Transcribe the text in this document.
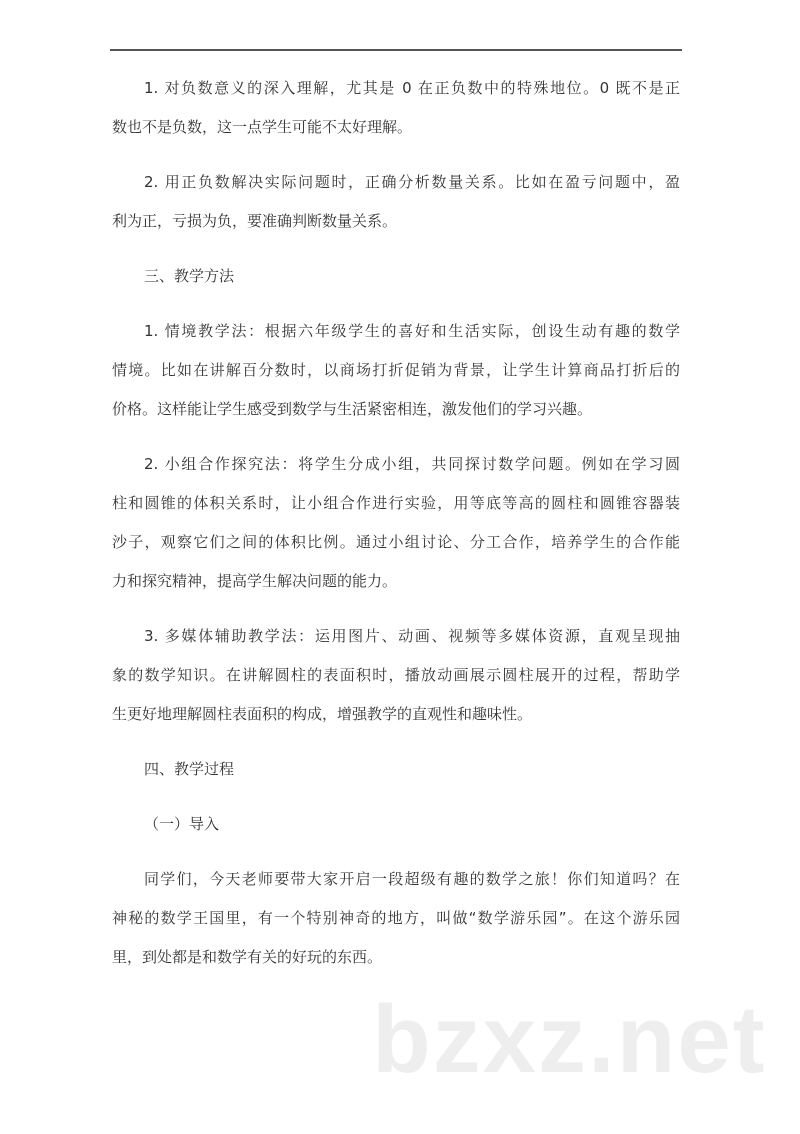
1. 对负数意义的深入理解，尤其是 0 在正负数中的特殊地位。0 既不是正
数也不是负数，这一点学生可能不太好理解。
2. 用正负数解决实际问题时，正确分析数量关系。比如在盈亏问题中，盈
利为正，亏损为负，要准确判断数量关系。
三、教学方法
1. 情境教学法：根据六年级学生的喜好和生活实际，创设生动有趣的数学
情境。比如在讲解百分数时，以商场打折促销为背景，让学生计算商品打折后的
价格。这样能让学生感受到数学与生活紧密相连，激发他们的学习兴趣。
2. 小组合作探究法：将学生分成小组，共同探讨数学问题。例如在学习圆
柱和圆锥的体积关系时，让小组合作进行实验，用等底等高的圆柱和圆锥容器装
沙子，观察它们之间的体积比例。通过小组讨论、分工合作，培养学生的合作能
力和探究精神，提高学生解决问题的能力。
3. 多媒体辅助教学法：运用图片、动画、视频等多媒体资源，直观呈现抽
象的数学知识。在讲解圆柱的表面积时，播放动画展示圆柱展开的过程，帮助学
生更好地理解圆柱表面积的构成，增强教学的直观性和趣味性。
四、教学过程
（一）导入
同学们，今天老师要带大家开启一段超级有趣的数学之旅！你们知道吗？在
神秘的数学王国里，有一个特别神奇的地方，叫做“数学游乐园”。在这个游乐园
里，到处都是和数学有关的好玩的东西。
bzxz.net
